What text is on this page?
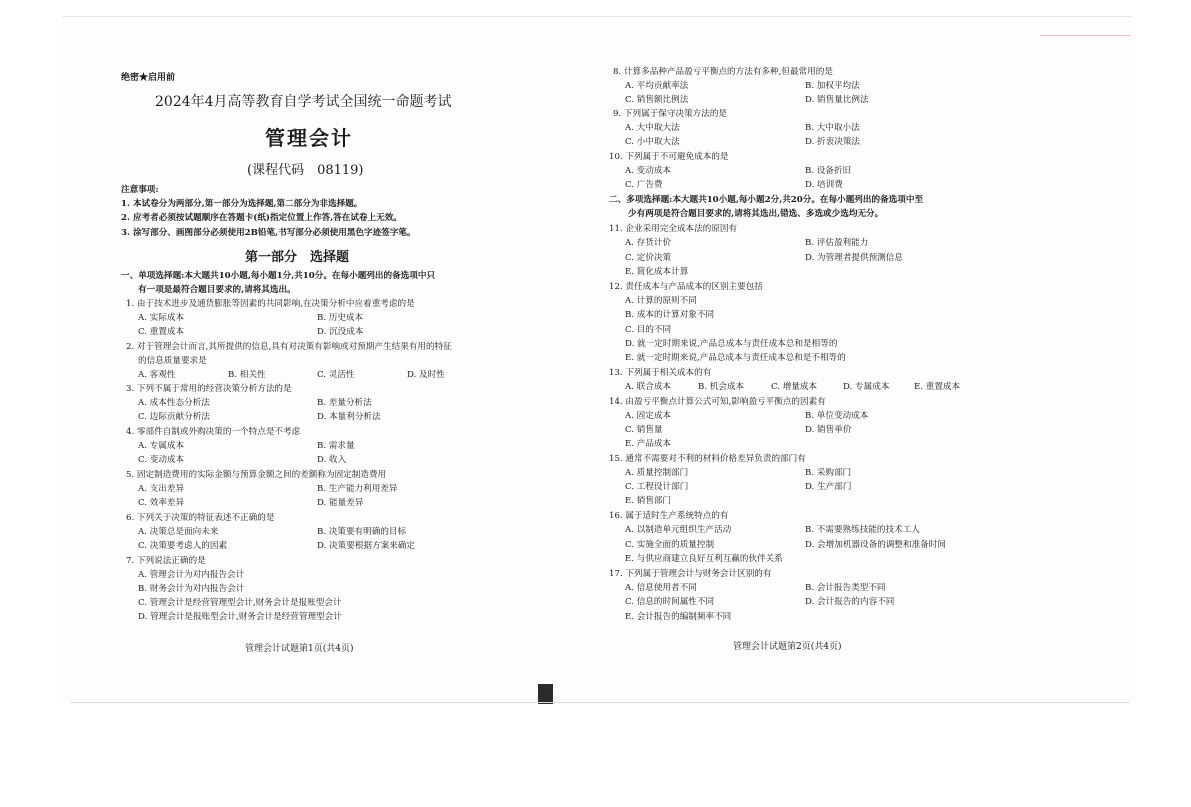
绝密★启用前
2024年4月高等教育自学考试全国统一命题考试
管理会计
(课程代码　08119)
注意事项:
1. 本试卷分为两部分,第一部分为选择题,第二部分为非选择题。
2. 应考者必须按试题顺序在答题卡(纸)指定位置上作答,答在试卷上无效。
3. 涂写部分、画图部分必须使用2B铅笔,书写部分必须使用黑色字迹签字笔。
第一部分　选择题
一、单项选择题:本大题共10小题,每小题1分,共10分。在每小题列出的备选项中只
有一项是最符合题目要求的,请将其选出。
1. 由于技术进步及通货膨胀等因素的共同影响,在决策分析中应着重考虑的是
A. 实际成本	B. 历史成本
C. 重置成本	D. 沉没成本
2. 对于管理会计而言,其所提供的信息,具有对决策有影响或对预期产生结果有用的特征
的信息质量要求是
A. 客观性	B. 相关性	C. 灵活性	D. 及时性
3. 下列不属于常用的经营决策分析方法的是
A. 成本性态分析法	B. 差量分析法
C. 边际贡献分析法	D. 本量利分析法
4. 零部件自制或外购决策的一个特点是不考虑
A. 专属成本	B. 需求量
C. 变动成本	D. 收入
5. 固定制造费用的实际金额与预算金额之间的差额称为固定制造费用
A. 支出差异	B. 生产能力利用差异
C. 效率差异	D. 能量差异
6. 下列关于决策的特征表述不正确的是
A. 决策总是面向未来	B. 决策要有明确的目标
C. 决策要考虑人的因素	D. 决策要根据方案来确定
7. 下列说法正确的是
A. 管理会计为对内报告会计
B. 财务会计为对内报告会计
C. 管理会计是经营管理型会计,财务会计是报账型会计
D. 管理会计是报账型会计,财务会计是经营管理型会计
管理会计试题第1页(共4页)
8. 计算多品种产品盈亏平衡点的方法有多种,但最常用的是
A. 平均贡献率法	B. 加权平均法
C. 销售额比例法	D. 销售量比例法
9. 下列属于保守决策方法的是
A. 大中取大法	B. 大中取小法
C. 小中取大法	D. 折衷决策法
10. 下列属于不可避免成本的是
A. 变动成本	B. 设备折旧
C. 广告费	D. 培训费
二、多项选择题:本大题共10小题,每小题2分,共20分。在每小题列出的备选项中至
少有两项是符合题目要求的,请将其选出,错选、多选或少选均无分。
11. 企业采用完全成本法的原因有
A. 存货计价	B. 评估盈利能力
C. 定价决策	D. 为管理者提供预测信息
E. 简化成本计算
12. 责任成本与产品成本的区别主要包括
A. 计算的原则不同
B. 成本的计算对象不同
C. 目的不同
D. 就一定时期来说,产品总成本与责任成本总和是相等的
E. 就一定时期来说,产品总成本与责任成本总和是不相等的
13. 下列属于相关成本的有
A. 联合成本	B. 机会成本	C. 增量成本	D. 专属成本	E. 重置成本
14. 由盈亏平衡点计算公式可知,影响盈亏平衡点的因素有
A. 固定成本	B. 单位变动成本
C. 销售量	D. 销售单价
E. 产品成本
15. 通常不需要对不利的材料价格差异负责的部门有
A. 质量控制部门	B. 采购部门
C. 工程设计部门	D. 生产部门
E. 销售部门
16. 属于适时生产系统特点的有
A. 以制造单元组织生产活动	B. 不需要熟练技能的技术工人
C. 实施全面的质量控制	D. 会增加机器设备的调整和准备时间
E. 与供应商建立良好互利互赢的伙伴关系
17. 下列属于管理会计与财务会计区别的有
A. 信息使用者不同	B. 会计报告类型不同
C. 信息的时间属性不同	D. 会计报告的内容不同
E. 会计报告的编制频率不同
管理会计试题第2页(共4页)
